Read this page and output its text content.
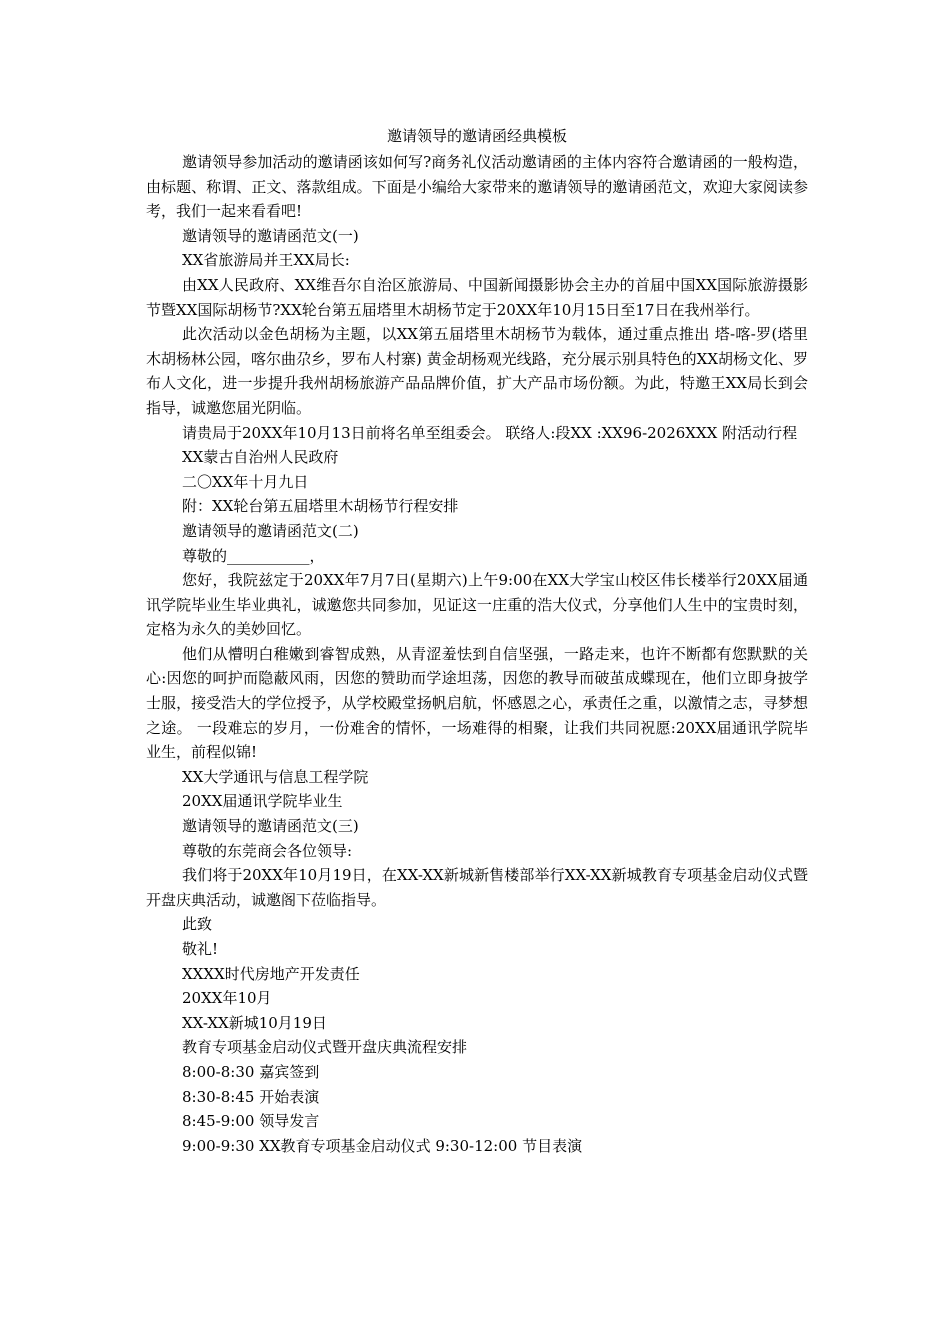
邀请领导的邀请函经典模板

邀请领导参加活动的邀请函该如何写?商务礼仪活动邀请函的主体内容符合邀请函的一般构造，由标题、称谓、正文、落款组成。下面是小编给大家带来的邀请领导的邀请函范文，欢迎大家阅读参考，我们一起来看看吧!

邀请领导的邀请函范文(一)

XX省旅游局并王XX局长:

由XX人民政府、XX维吾尔自治区旅游局、中国新闻摄影协会主办的首届中国XX国际旅游摄影节暨XX国际胡杨节?XX轮台第五届塔里木胡杨节定于20XX年10月15日至17日在我州举行。

此次活动以金色胡杨为主题，以XX第五届塔里木胡杨节为载体，通过重点推出 塔-喀-罗(塔里木胡杨林公园，喀尔曲尕乡，罗布人村寨) 黄金胡杨观光线路，充分展示别具特色的XX胡杨文化、罗布人文化，进一步提升我州胡杨旅游产品品牌价值，扩大产品市场份额。为此，特邀王XX局长到会指导，诚邀您届光阴临。

请贵局于20XX年10月13日前将名单至组委会。 联络人:段XX :XX96-2026XXX 附活动行程

XX蒙古自治州人民政府

二〇XX年十月九日

附：XX轮台第五届塔里木胡杨节行程安排

邀请领导的邀请函范文(二)

尊敬的___________，

您好，我院兹定于20XX年7月7日(星期六)上午9:00在XX大学宝山校区伟长楼举行20XX届通讯学院毕业生毕业典礼，诚邀您共同参加，见证这一庄重的浩大仪式，分享他们人生中的宝贵时刻，定格为永久的美妙回忆。

他们从懵明白稚嫩到睿智成熟，从青涩羞怯到自信坚强，一路走来，也许不断都有您默默的关心:因您的呵护而隐蔽风雨，因您的赞助而学途坦荡，因您的教导而破茧成蝶现在，他们立即身披学士服，接受浩大的学位授予，从学校殿堂扬帆启航，怀感恩之心，承责任之重，以激情之志，寻梦想之途。 一段难忘的岁月，一份难舍的情怀，一场难得的相聚，让我们共同祝愿:20XX届通讯学院毕业生，前程似锦!

XX大学通讯与信息工程学院

20XX届通讯学院毕业生

邀请领导的邀请函范文(三)

尊敬的东莞商会各位领导:

我们将于20XX年10月19日，在XX-XX新城新售楼部举行XX-XX新城教育专项基金启动仪式暨开盘庆典活动，诚邀阁下莅临指导。

此致

敬礼!

XXXX时代房地产开发责任

20XX年10月

XX-XX新城10月19日

教育专项基金启动仪式暨开盘庆典流程安排

8:00-8:30 嘉宾签到

8:30-8:45 开始表演

8:45-9:00 领导发言

9:00-9:30 XX教育专项基金启动仪式 9:30-12:00 节目表演
